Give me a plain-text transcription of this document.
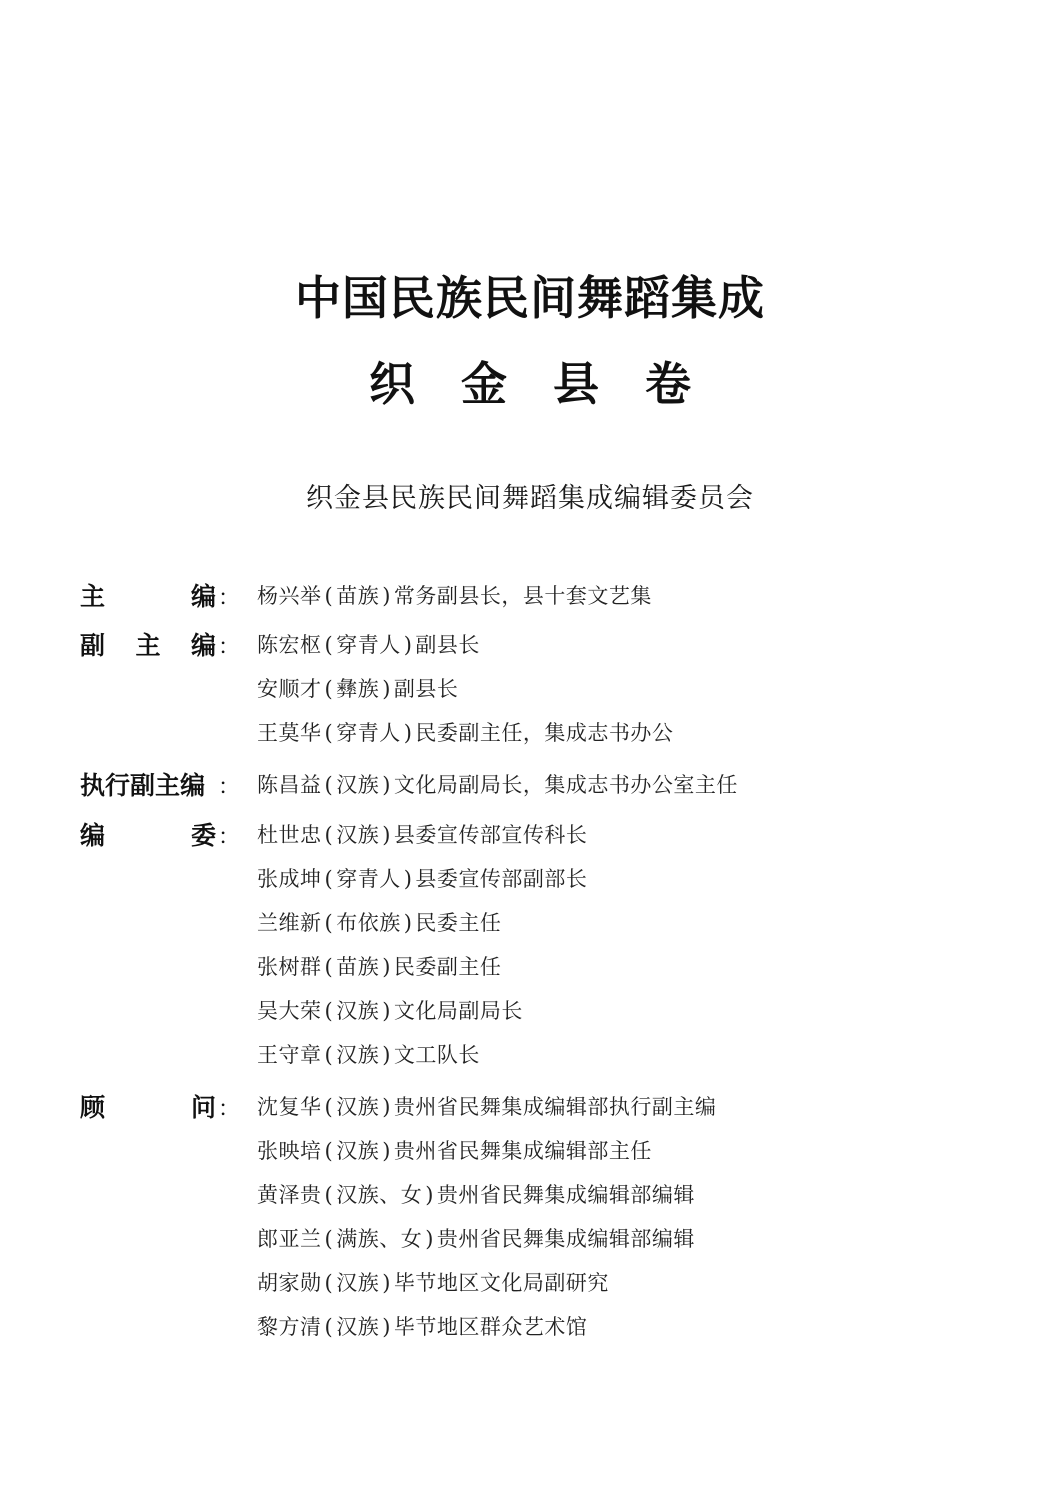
中国民族民间舞蹈集成
织金县卷
织金县民族民间舞蹈集成编辑委员会
主	编 ： 杨兴举 ( 苗族 ) 常务副县长，县十套文艺集
副 主 编 ： 陈宏枢 ( 穿青人 ) 副县长
安顺才 ( 彝族 ) 副县长
王莫华 ( 穿青人 ) 民委副主任，集成志书办公
执 行 副 主 编 ： 陈昌益 ( 汉族 ) 文化局副局长，集成志书办公室主任
编	委 ： 杜世忠 ( 汉族 ) 县委宣传部宣传科长
张成坤 ( 穿青人 ) 县委宣传部副部长
兰维新 ( 布依族 ) 民委主任
张树群 ( 苗族 ) 民委副主任
吴大荣 ( 汉族 ) 文化局副局长
王守章 ( 汉族 ) 文工队长
顾	问 ： 沈复华 ( 汉族 ) 贵州省民舞集成编辑部执行副主编
张映培 ( 汉族 ) 贵州省民舞集成编辑部主任
黄泽贵 ( 汉族、女 ) 贵州省民舞集成编辑部编辑
郎亚兰 ( 满族、女 ) 贵州省民舞集成编辑部编辑
胡家勋 ( 汉族 ) 毕节地区文化局副研究
黎方清 ( 汉族 ) 毕节地区群众艺术馆
